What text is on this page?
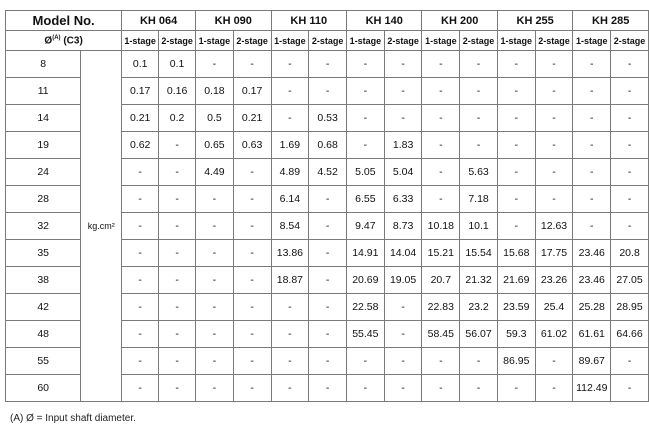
Model No.		KH 064		KH 090		KH 110		KH 140		KH 200		KH 255		KH 285	
$Ø^{(A)}$ (C3)		1-stage	2-stage	1-stage	2-stage	1-stage	2-stage	1-stage	2-stage	1-stage	2-stage	1-stage	2-stage	1-stage	2-stage
8	kg.cm²	0.1	0.1	-	-	-	-	-	-	-	-	-	-	-	-
11		0.17	0.16	0.18	0.17	-	-	-	-	-	-	-	-	-	-
14		0.21	0.2	0.5	0.21	-	0.53	-	-	-	-	-	-	-	-
19		0.62	-	0.65	0.63	1.69	0.68	-	1.83	-	-	-	-	-	-
24		-	-	4.49	-	4.89	4.52	5.05	5.04	-	5.63	-	-	-	-
28		-	-	-	-	6.14	-	6.55	6.33	-	7.18	-	-	-	-
32		-	-	-	-	8.54	-	9.47	8.73	10.18	10.1	-	12.63	-	-
35		-	-	-	-	13.86	-	14.91	14.04	15.21	15.54	15.68	17.75	23.46	20.8
38		-	-	-	-	18.87	-	20.69	19.05	20.7	21.32	21.69	23.26	23.46	27.05
42		-	-	-	-	-	-	22.58	-	22.83	23.2	23.59	25.4	25.28	28.95
48		-	-	-	-	-	-	55.45	-	58.45	56.07	59.3	61.02	61.61	64.66
55		-	-	-	-	-	-	-	-	-	-	86.95	-	89.67	-
60		-	-	-	-	-	-	-	-	-	-	-	-	112.49	-
(A) Ø = Input shaft diameter.
